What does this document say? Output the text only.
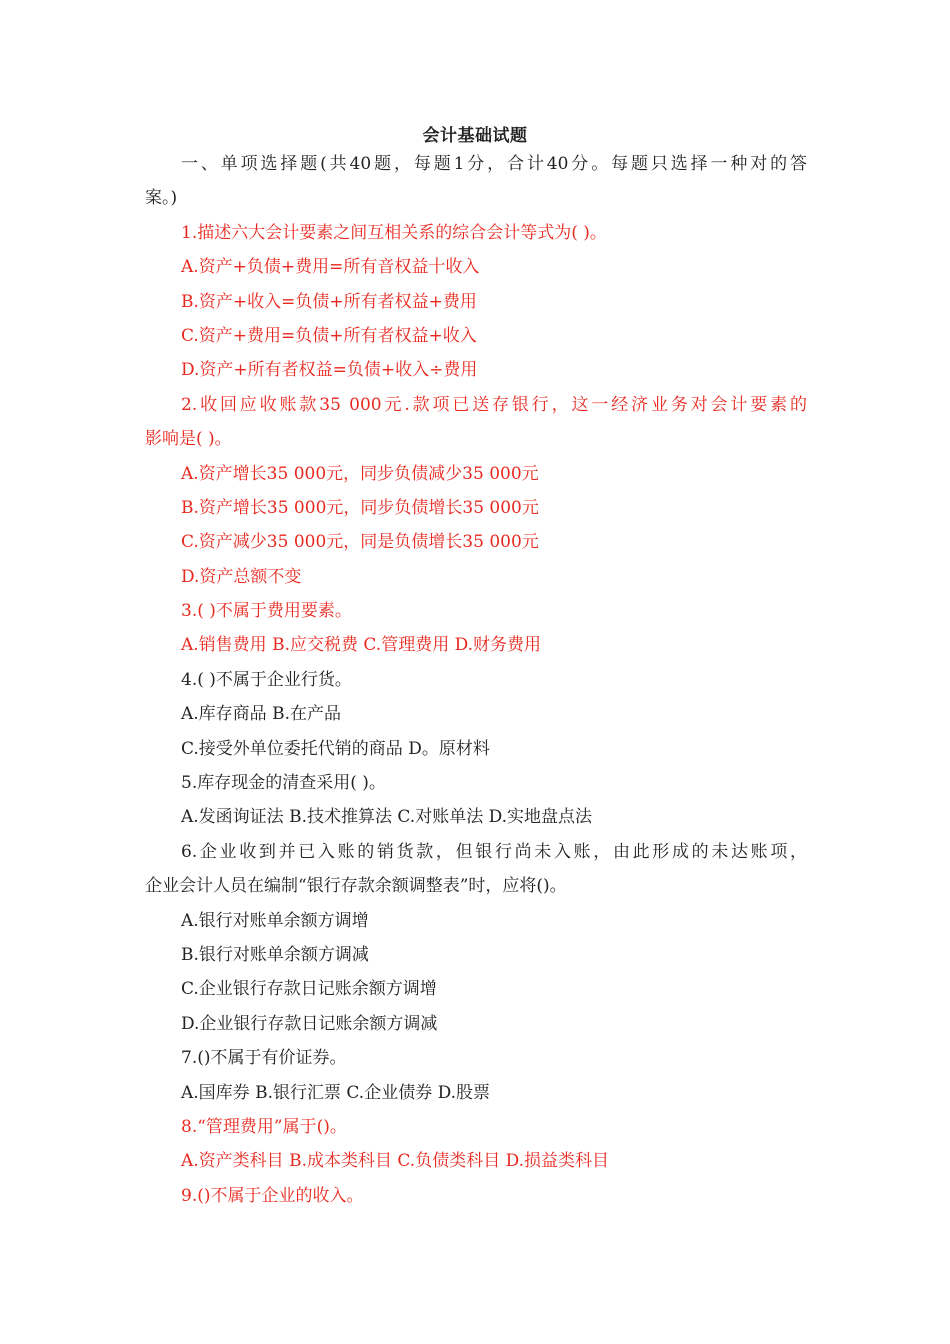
会计基础试题
一、单项选择题(共40题，每题1分，合计40分。每题只选择一种对的答
案。)
1.描述六大会计要素之间互相关系的综合会计等式为( )。
A.资产+负债+费用=所有音权益十收入
B.资产+收入=负债+所有者权益+费用
C.资产+费用=负债+所有者权益+收入
D.资产+所有者权益=负债+收入÷费用
2.收回应收账款35 000元.款项已送存银行，这一经济业务对会计要素的
影响是( )。
A.资产增长35 000元，同步负债减少35 000元
B.资产增长35 000元，同步负债增长35 000元
C.资产减少35 000元，同是负债增长35 000元
D.资产总额不变
3.( )不属于费用要素。
A.销售费用 B.应交税费 C.管理费用 D.财务费用
4.( )不属于企业行货。
A.库存商品 B.在产品
C.接受外单位委托代销的商品 D。原材料
5.库存现金的清查采用( )。
A.发函询证法 B.技术推算法 C.对账单法 D.实地盘点法
6.企业收到并已入账的销货款，但银行尚未入账，由此形成的未达账项，
企业会计人员在编制“银行存款余额调整表”时，应将()。
A.银行对账单余额方调增
B.银行对账单余额方调减
C.企业银行存款日记账余额方调增
D.企业银行存款日记账余额方调减
7.()不属于有价证券。
A.国库券 B.银行汇票 C.企业债券 D.股票
8.“管理费用”属于()。
A.资产类科目 B.成本类科目 C.负债类科目 D.损益类科目
9.()不属于企业的收入。
